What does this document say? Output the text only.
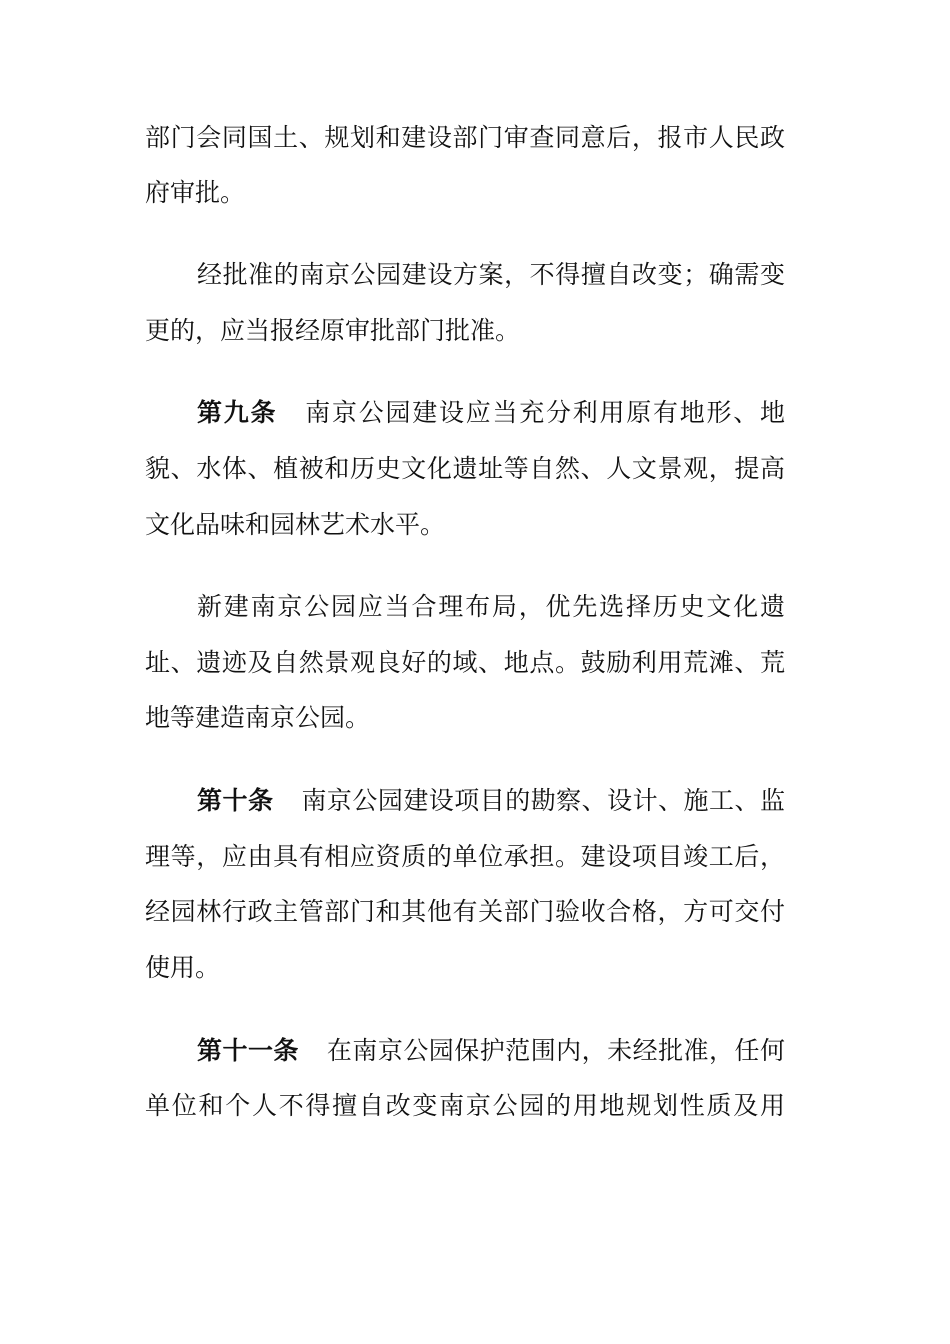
部门会同国土、规划和建设部门审查同意后，报市人民政
府审批。
经批准的南京公园建设方案，不得擅自改变；确需变
更的，应当报经原审批部门批准。
第九条 南京公园建设应当充分利用原有地形、地
貌、水体、植被和历史文化遗址等自然、人文景观，提高
文化品味和园林艺术水平。
新建南京公园应当合理布局，优先选择历史文化遗
址、遗迹及自然景观良好的域、地点。鼓励利用荒滩、荒
地等建造南京公园。
第十条 南京公园建设项目的勘察、设计、施工、监
理等，应由具有相应资质的单位承担。建设项目竣工后，
经园林行政主管部门和其他有关部门验收合格，方可交付
使用。
第十一条 在南京公园保护范围内，未经批准，任何
单位和个人不得擅自改变南京公园的用地规划性质及用
